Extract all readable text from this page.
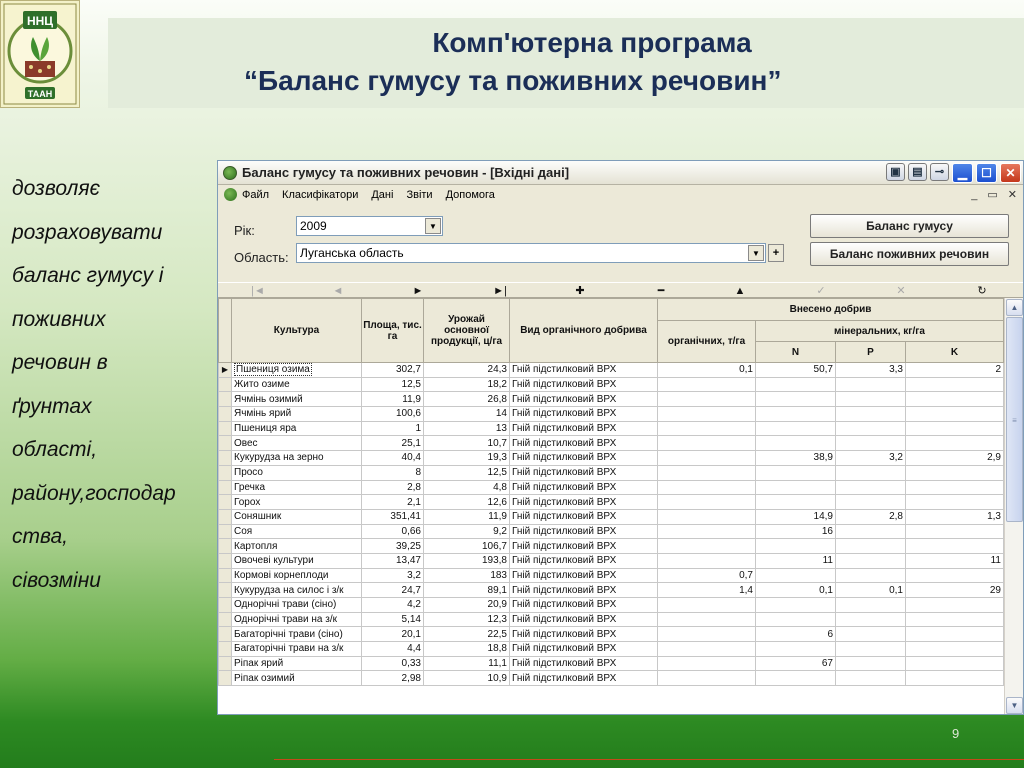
ННЦ
ТААН
Комп'ютерна програма
“Баланс гумусу та поживних речовин”

дозволяє

розраховувати

баланс гумусу і

поживних

речовин в

ґрунтах

області,

району,господар

ства,

сівозміни

Баланс гумусу та поживних речовин - [Вхідні дані]	▣	▤	⊸	▁	☐	✕
_ ▭ ✕
Файл Класифікатори Дані Звіти Допомога
Рік:	2009	▼
Область: Луганська область	▼	+
Баланс гумусу
Баланс поживних речовин
|◄	◄	►	►|	✚	━	▲	✓	✕	↻
	Культура	Площа, тис. га	Урожай основної продукції, ц/га	Вид органічного добрива	Внесено добрив			
					органічних, т/га	мінеральних, кг/га		
						N	P	K
▶	Пшениця озима	302,7	24,3	Гній підстилковий ВРХ	0,1	50,7	3,3	2
	Жито озиме	12,5	18,2	Гній підстилковий ВРХ				
	Ячмінь озимий	11,9	26,8	Гній підстилковий ВРХ				
	Ячмінь ярий	100,6	14	Гній підстилковий ВРХ				
	Пшениця яра	1	13	Гній підстилковий ВРХ				
	Овес	25,1	10,7	Гній підстилковий ВРХ				
	Кукурудза на зерно	40,4	19,3	Гній підстилковий ВРХ		38,9	3,2	2,9
	Просо	8	12,5	Гній підстилковий ВРХ				
	Гречка	2,8	4,8	Гній підстилковий ВРХ				
	Горох	2,1	12,6	Гній підстилковий ВРХ				
	Соняшник	351,41	11,9	Гній підстилковий ВРХ		14,9	2,8	1,3
	Соя	0,66	9,2	Гній підстилковий ВРХ		16		
	Картопля	39,25	106,7	Гній підстилковий ВРХ				
	Овочеві культури	13,47	193,8	Гній підстилковий ВРХ		11		11
	Кормові корнеплоди	3,2	183	Гній підстилковий ВРХ	0,7			
	Кукурудза на силос і з/к	24,7	89,1	Гній підстилковий ВРХ	1,4	0,1	0,1	29
	Однорічні трави (сіно)	4,2	20,9	Гній підстилковий ВРХ				
	Однорічні трави на з/к	5,14	12,3	Гній підстилковий ВРХ				
	Багаторічні трави (сіно)	20,1	22,5	Гній підстилковий ВРХ		6		
	Багаторічні трави на з/к	4,4	18,8	Гній підстилковий ВРХ				
	Ріпак ярий	0,33	11,1	Гній підстилковий ВРХ		67		
	Ріпак озимий	2,98	10,9	Гній підстилковий ВРХ				
▲
≡
▼
9
